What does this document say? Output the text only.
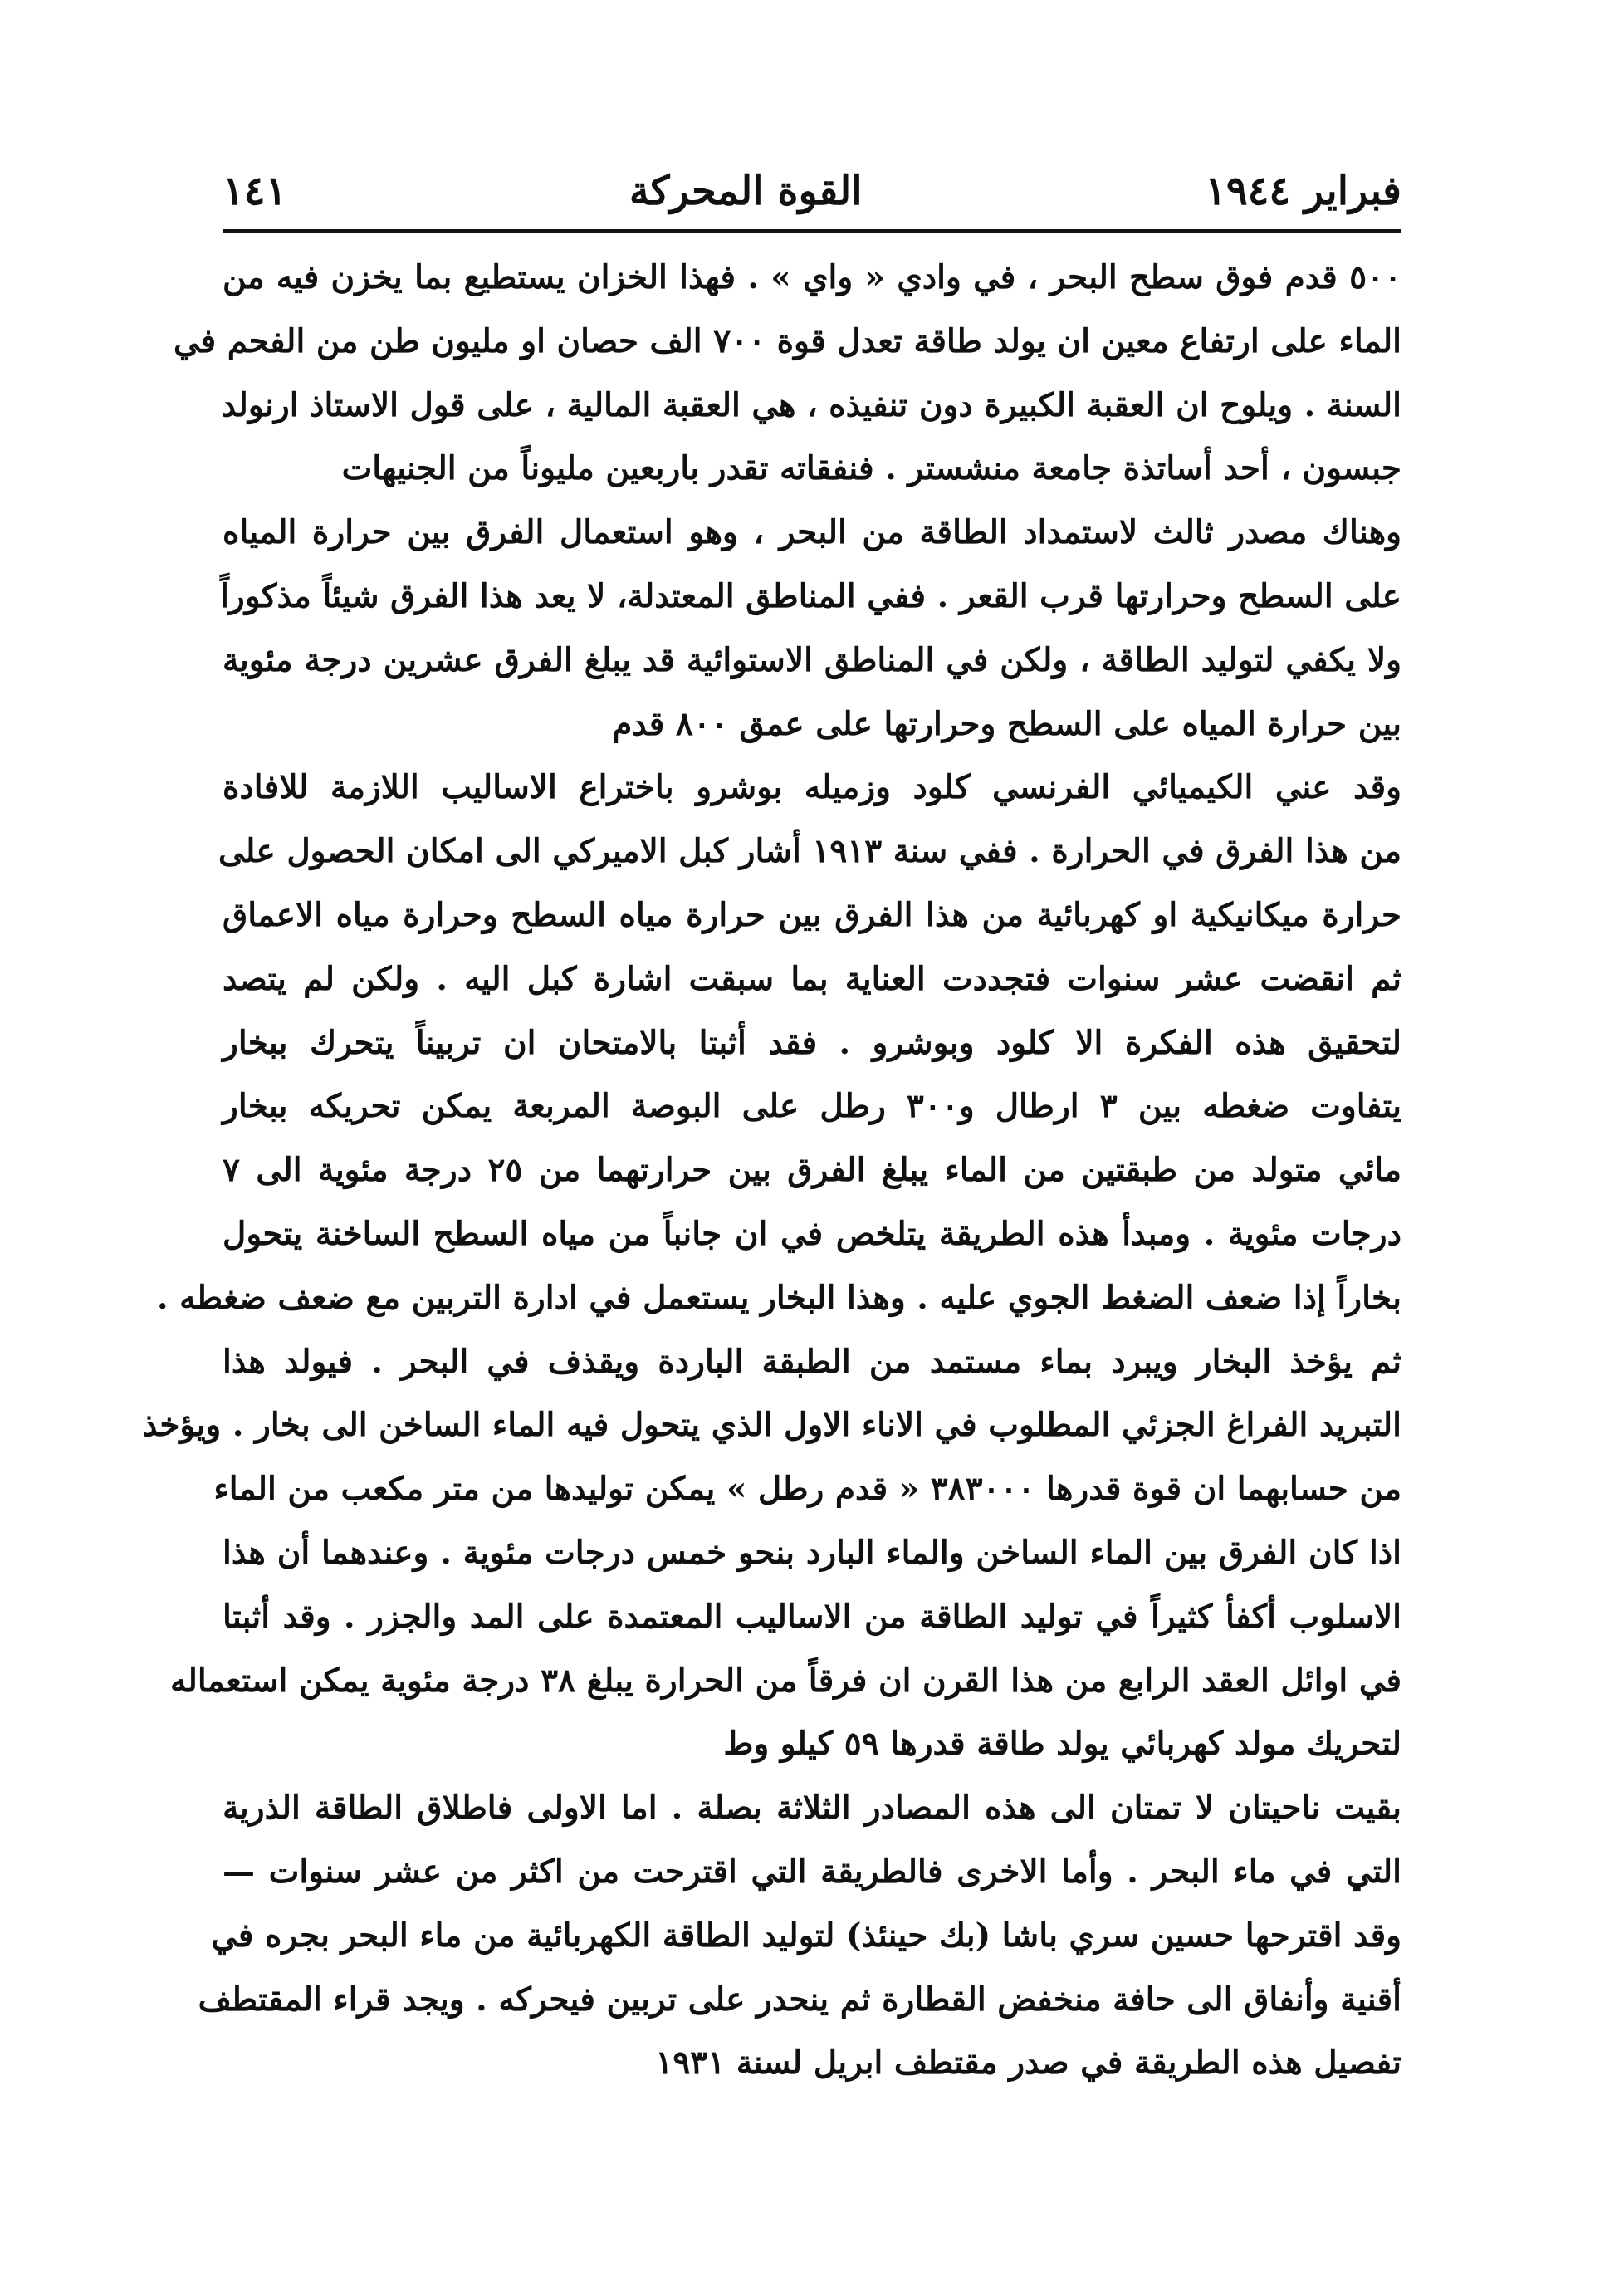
فبراير ١٩٤٤
القوة المحركة
١٤١
٥٠٠ قدم فوق سطح البحر ، في وادي « واي » . فهذا الخزان يستطيع بما يخزن فيه من
الماء على ارتفاع معين ان يولد طاقة تعدل قوة ٧٠٠ الف حصان او مليون طن من الفحم في
السنة . ويلوح ان العقبة الكبيرة دون تنفيذه ، هي العقبة المالية ، على قول الاستاذ ارنولد
جبسون ، أحد أساتذة جامعة منشستر . فنفقاته تقدر باربعين مليوناً من الجنيهات
وهناك مصدر ثالث لاستمداد الطاقة من البحر ، وهو استعمال الفرق بين حرارة المياه
على السطح وحرارتها قرب القعر . ففي المناطق المعتدلة، لا يعد هذا الفرق شيئاً مذكوراً
ولا يكفي لتوليد الطاقة ، ولكن في المناطق الاستوائية قد يبلغ الفرق عشرين درجة مئوية
بين حرارة المياه على السطح وحرارتها على عمق ٨٠٠ قدم
وقد عني الكيميائي الفرنسي كلود وزميله بوشرو باختراع الاساليب اللازمة للافادة
من هذا الفرق في الحرارة . ففي سنة ١٩١٣ أشار كبل الاميركي الى امكان الحصول على
حرارة ميكانيكية او كهربائية من هذا الفرق بين حرارة مياه السطح وحرارة مياه الاعماق
ثم انقضت عشر سنوات فتجددت العناية بما سبقت اشارة كبل اليه . ولكن لم يتصد
لتحقيق هذه الفكرة الا كلود وبوشرو . فقد أثبتا بالامتحان ان تربيناً يتحرك ببخار
يتفاوت ضغطه بين ٣ ارطال و٣٠٠ رطل على البوصة المربعة يمكن تحريكه ببخار
مائي متولد من طبقتين من الماء يبلغ الفرق بين حرارتهما من ٢٥ درجة مئوية الى ٧
درجات مئوية . ومبدأ هذه الطريقة يتلخص في ان جانباً من مياه السطح الساخنة يتحول
بخاراً إذا ضعف الضغط الجوي عليه . وهذا البخار يستعمل في ادارة التربين مع ضعف ضغطه .
ثم يؤخذ البخار ويبرد بماء مستمد من الطبقة الباردة ويقذف في البحر . فيولد هذا
التبريد الفراغ الجزئي المطلوب في الاناء الاول الذي يتحول فيه الماء الساخن الى بخار . ويؤخذ
من حسابهما ان قوة قدرها ٣٨٣٠٠٠ « قدم رطل » يمكن توليدها من متر مكعب من الماء
اذا كان الفرق بين الماء الساخن والماء البارد بنحو خمس درجات مئوية . وعندهما أن هذا
الاسلوب أكفأ كثيراً في توليد الطاقة من الاساليب المعتمدة على المد والجزر . وقد أثبتا
في اوائل العقد الرابع من هذا القرن ان فرقاً من الحرارة يبلغ ٣٨ درجة مئوية يمكن استعماله
لتحريك مولد كهربائي يولد طاقة قدرها ٥٩ كيلو وط
بقيت ناحيتان لا تمتان الى هذه المصادر الثلاثة بصلة . اما الاولى فاطلاق الطاقة الذرية
التي في ماء البحر . وأما الاخرى فالطريقة التي اقترحت من اكثر من عشر سنوات —
وقد اقترحها حسين سري باشا (بك حينئذ) لتوليد الطاقة الكهربائية من ماء البحر بجره في
أقنية وأنفاق الى حافة منخفض القطارة ثم ينحدر على تربين فيحركه . ويجد قراء المقتطف
تفصيل هذه الطريقة في صدر مقتطف ابريل لسنة ١٩٣١
